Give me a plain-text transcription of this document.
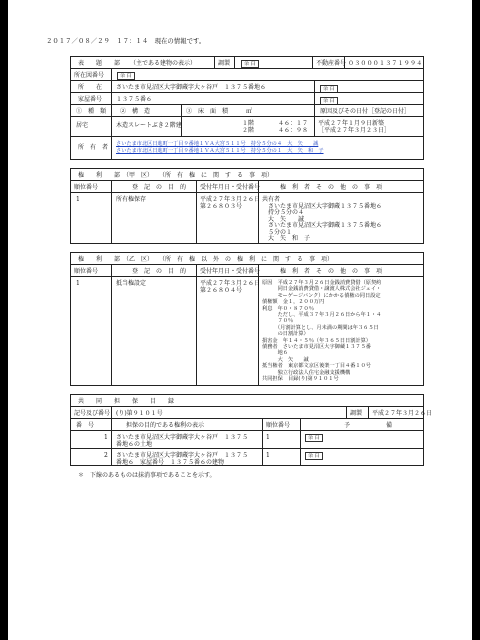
２０１７／０８／２９　１７：１４　現在の情報です。
表　　題　　部 （主である建物の表示）	調製	余 白	不動産番号 ０３０００１３７１９９４
所在図番号	余 白
所　　在 さいたま市見沼区大字御蔵字大ヶ谷戸　１３７５番地６	余 白
家屋番号 １３７５番６	余 白
①　種　類 ②　構　造	③　床　面　積　　　㎡	原因及びその日付［登記の日付］
居宅	木造スレートぶき２階建	１階　　　　４６：１７
２階　　　　４６：９８
平成２７年１月９日新築
［平成２７年３月２３日］
所　有　者 さいたま市北区日進町一丁目９番地１ＶＡ大宮５１１号　持分５分の４　大　矢　　誠
さいたま市北区日進町一丁目９番地１ＶＡ大宮５１１号　持分５分の１　大　矢　和　子
権　　利　　部　（甲　区）　　（所　有　権　に　関　す　る　事　項）
順位番号	登　記　の　目　的 受付年月日・受付番号	権　利　者　そ　の　他　の　事　項
1	所有権保存	平成２７年３月２６日
第２６８０３号
共有者
　さいたま市見沼区大字御蔵１３７５番地６
　持分５分の４
　大　矢　　誠
　さいたま市見沼区大字御蔵１３７５番地６
　５分の１
　大　矢　和　子
権　　利　　部　（乙　区）　　（所　有　権　以　外　の　権　利　に　関　す　る　事　項）
順位番号	登　記　の　目　的 受付年月日・受付番号	権　利　者　そ　の　他　の　事　項
1	抵当権設定	平成２７年３月２６日
第２６８０４号
原因　平成２７年３月２６日金銭消費貸借（原契約
　　　同日金銭消費貸借・譲渡人株式会社ジェイ・
　　　モーゲージバンク）にかかる債権の同日設定
債権額　金１，２００万円
利息　年０・８７０％
　　　ただし、平成３７年３月２６日から年１・４
　　　７０％
　　　（月割計算とし、月未満の期間は年３６５日
　　　の日割計算）
損害金　年１４・５％（年３６５日日割計算）
債務者　さいたま市見沼区大字御蔵１３７５番
　　　地６
　　　大　矢　　誠
抵当権者　東京都文京区後楽一丁目４番１０号
　　　独立行政法人住宅金融支援機構
共同担保　目録(り)第９１０１号
共　　同　　担　　保　　目　　録
記号及び番号 (り)第９１０１号	調製 平成２７年３月２６日
番　号	担保の目的である権利の表示	順位番号	予　　　　　　備
1 さいたま市見沼区大字御蔵字大ヶ谷戸　１３７５
番地６の土地
1	余 白
2 さいたま市見沼区大字御蔵字大ヶ谷戸　１３７５
番地６　家屋番号　１３７５番６の建物
1	余 白
＊　下線のあるものは抹消事項であることを示す。
